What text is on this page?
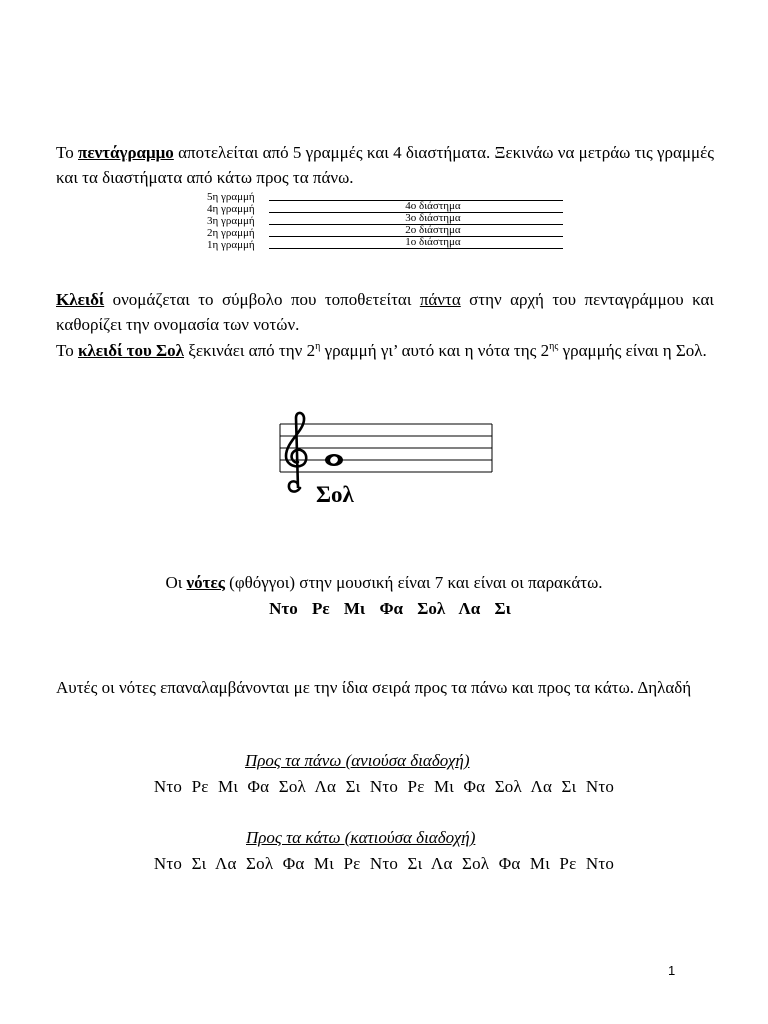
Το πεντάγραμμο αποτελείται από 5 γραμμές και 4 διαστήματα. Ξεκινάω να μετράω τις γραμμές και τα διαστήματα από κάτω προς τα πάνω.
5η γραμμή
4η γραμμή
3η γραμμή
2η γραμμή
1η γραμμή
4ο διάστημα
3ο διάστημα
2ο διάστημα
1ο διάστημα
Κλειδί ονομάζεται το σύμβολο που τοποθετείται πάντα στην αρχή του πενταγράμμου και καθορίζει την ονομασία των νοτών.
Το κλειδί του Σολ ξεκινάει από την $2^\eta$ γραμμή γι’ αυτό και η νότα της $2^{\eta\varsigma}$ γραμμής είναι η Σολ.
Σολ
Οι νότες (φθόγγοι) στην μουσική είναι 7 και είναι οι παρακάτω.
Ντο Ρε Μι Φα Σολ Λα Σι
Αυτές οι νότες επαναλαμβάνονται με την ίδια σειρά προς τα πάνω και προς τα κάτω. Δηλαδή
Προς τα πάνω (ανιούσα διαδοχή)
Ντο Ρε Μι Φα Σολ Λα Σι Ντο Ρε Μι Φα Σολ Λα Σι Ντο
Προς τα κάτω (κατιούσα διαδοχή)
Ντο Σι Λα Σολ Φα Μι Ρε Ντο Σι Λα Σολ Φα Μι Ρε Ντο
1
